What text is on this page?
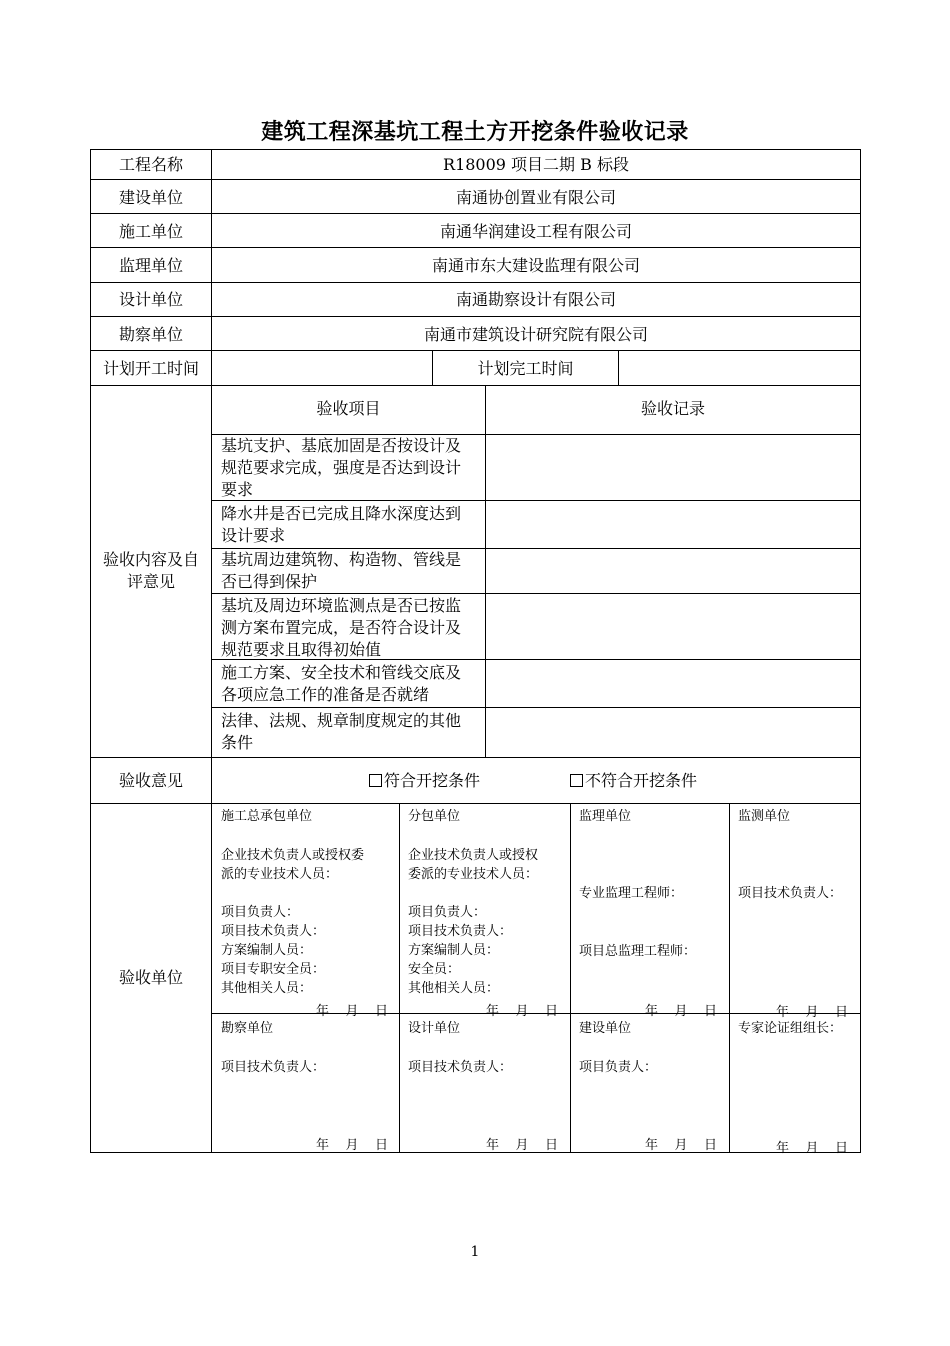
建筑工程深基坑工程土方开挖条件验收记录
工程名称	R18009 项目二期 B 标段
建设单位	南通协创置业有限公司
施工单位	南通华润建设工程有限公司
监理单位	南通市东大建设监理有限公司
设计单位	南通勘察设计有限公司
勘察单位	南通市建筑设计研究院有限公司
计划开工时间	计划完工时间
验收内容及自
评意见
验收项目	验收记录
基坑支护、基底加固是否按设计及
规范要求完成，强度是否达到设计
要求
降水井是否已完成且降水深度达到
设计要求
基坑周边建筑物、构造物、管线是
否已得到保护
基坑及周边环境监测点是否已按监
测方案布置完成，是否符合设计及
规范要求且取得初始值
施工方案、安全技术和管线交底及
各项应急工作的准备是否就绪
法律、法规、规章制度规定的其他
条件
验收意见	符合开挖条件	不符合开挖条件
验收单位
施工总承包单位
企业技术负责人或授权委
派的专业技术人员：

项目负责人：
项目技术负责人：
方案编制人员：
项目专职安全员：
其他相关人员：
年    月    日
分包单位
企业技术负责人或授权
委派的专业技术人员：

项目负责人：
项目技术负责人：
方案编制人员：
安全员：
其他相关人员：
年    月    日
监理单位
专业监理工程师：
项目总监理工程师：
年    月    日
监测单位
项目技术负责人：
年    月    日
勘察单位
项目技术负责人：
年    月    日
设计单位
项目技术负责人：
年    月    日
建设单位
项目负责人：
年    月    日
专家论证组组长：
年    月    日
1
